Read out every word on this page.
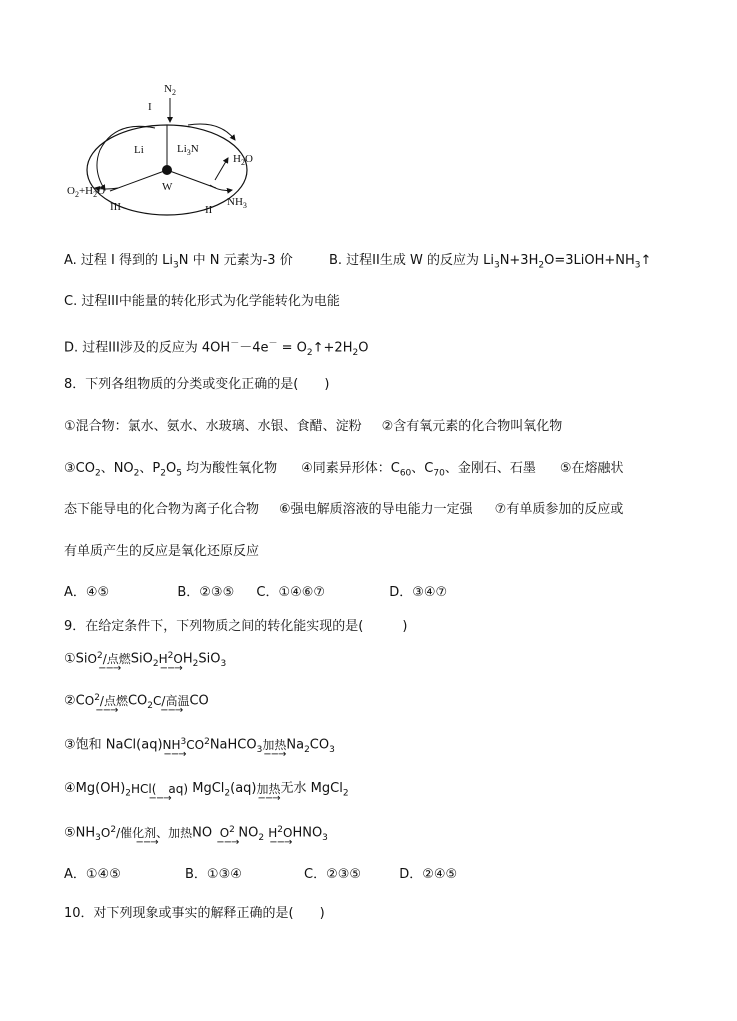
$N_2$
I
Li	$Li_3N$
W
$H_2O$
$NH_3$
$O_2+H_2O$
III	II
A. 过程 I 得到的 $Li_3N$ 中 N 元素为-3 价	B. 过程II生成 W 的反应为 $Li_3N+3H_2O=3LiOH+NH_3↑$
C. 过程III中能量的转化形式为化学能转化为电能
D. 过程III涉及的反应为 $4OH^--4e^- = O_2↑+2H_2O$
8．下列各组物质的分类或变化正确的是(　　)
①混合物：氯水、氨水、水玻璃、水银、食醋、淀粉 ②含有氧元素的化合物叫氧化物
$③CO_2$、$NO_2$、$P_2O_5$ 均为酸性氧化物 ④同素异形体：$C_{60}$、$C_{70}$、金刚石、石墨 ⑤在熔融状
态下能导电的化合物为离子化合物 ⑥强电解质溶液的导电能力一定强 ⑦有单质参加的反应或
有单质产生的反应是氧化还原反应
A．④⑤	B．②③⑤ C．①④⑥⑦	D．③④⑦
9．在给定条件下，下列物质之间的转化能实现的是(　　　)
①Si $O^2/$点燃
−−→
SiO$_2$ $H^2O$
−−→
$H_2SiO_3$
②C $O^2/$点燃
−−→
$CO_2$ C/高温
−−→
CO
③饱和 NaCl(aq) $NH^3$
−−→
$CO^2$
NaHCO$_3$ 加热
−−→
$Na_2CO_3$
$④Mg(OH)_2$ HCl(　aq)
−−→
MgCl$_2$(aq) 加热
−−→
无水 MgCl$_2$
$⑤NH_3$ $O^2/$催化剂、加热
−−→
NO $O^2$
−−→
$NO_2$ $H^2O$
−−→
$HNO_3$
A．①④⑤	B．①③④	C．②③⑤	D．②④⑤
10．对下列现象或事实的解释正确的是(　　)
